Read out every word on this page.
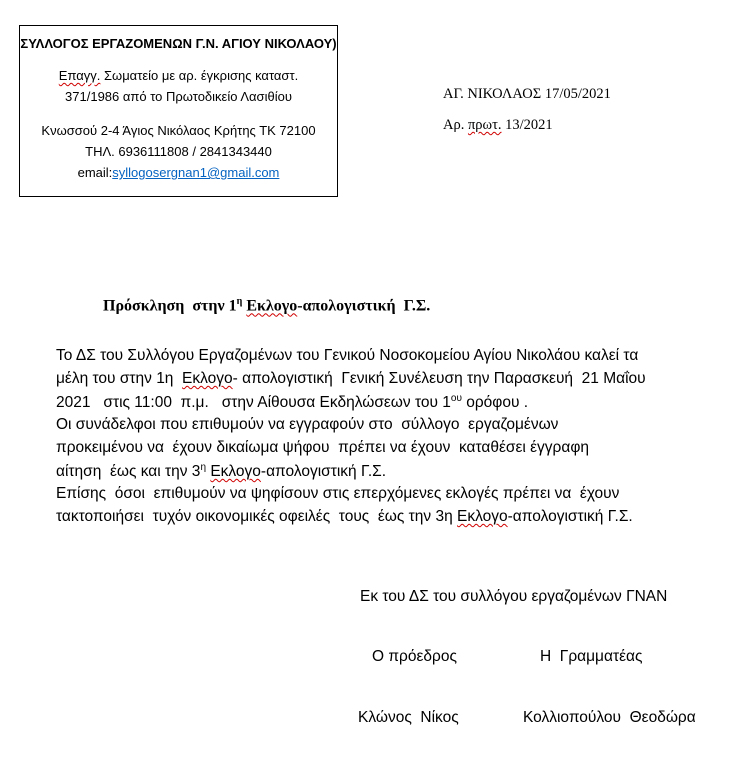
ΣΥΛΛΟΓΟΣ ΕΡΓΑΖΟΜΕΝΩΝ Γ.Ν. ΑΓΙΟΥ ΝΙΚΟΛΑΟΥ)
Επαγγ. Σωματείο με αρ. έγκρισης καταστ.
371/1986 από το Πρωτοδικείο Λασιθίου
Κνωσσού 2-4 Άγιος Νικόλαος Κρήτης ΤΚ 72100
ΤΗΛ. 6936111808 / 2841343440
email:syllogosergnan1@gmail.com
ΑΓ. ΝΙΚΟΛΑΟΣ 17/05/2021
Αρ. πρωτ. 13/2021
Πρόσκληση  στην $1^\eta$ Εκλογο-απολογιστική  Γ.Σ.
Το ΔΣ του Συλλόγου Εργαζομένων του Γενικού Νοσοκομείου Αγίου Νικολάου καλεί τα
μέλη του στην 1η  Εκλογο- απολογιστική  Γενική Συνέλευση την Παρασκευή  21 Μαΐου
2021   στις 11:00  π.μ.   στην Αίθουσα Εκδηλώσεων του $1^{o\upsilon}$ ορόφου .
Οι συνάδελφοι που επιθυμούν να εγγραφούν στο  σύλλογο  εργαζομένων
προκειμένου να  έχουν δικαίωμα ψήφου  πρέπει να έχουν  καταθέσει έγγραφη
αίτηση  έως και την $3^\eta$ Εκλογο-απολογιστική Γ.Σ.
Επίσης  όσοι  επιθυμούν να ψηφίσουν στις επερχόμενες εκλογές πρέπει να  έχουν
τακτοποιήσει  τυχόν οικονομικές οφειλές  τους  έως την 3η Εκλογο-απολογιστική Γ.Σ.
Εκ του ΔΣ του συλλόγου εργαζομένων ΓΝΑΝ
Ο πρόεδρος	Η  Γραμματέας
Κλώνος  Νίκος	Κολλιοπούλου  Θεοδώρα
